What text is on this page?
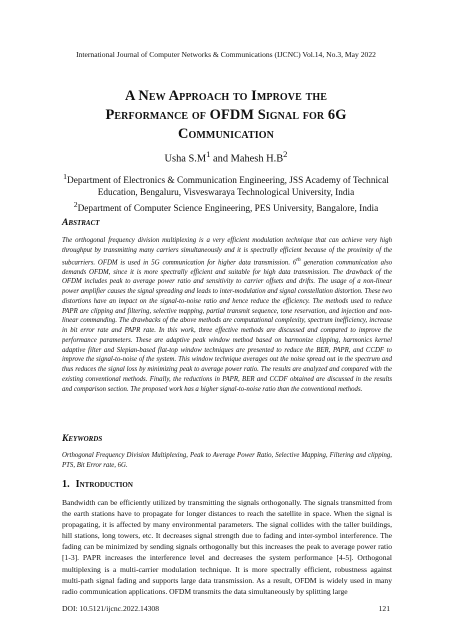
International Journal of Computer Networks & Communications (IJCNC) Vol.14, No.3, May 2022
A New Approach to Improve the
Performance of OFDM Signal for 6G
Communication
Usha $S.M^1$ and Mahesh $H.B^2$
$^1$Department of Electronics & Communication Engineering, JSS Academy of Technical Education, Bengaluru, Visveswaraya Technological University, India
$^2$Department of Computer Science Engineering, PES University, Bangalore, India
Abstract

The orthogonal frequency division multiplexing is a very efficient modulation technique that can achieve very high throughput by transmitting many carriers simultaneously and it is spectrally efficient because of the proximity of the subcarriers. OFDM is used in 5G communication for higher data transmission. 6th generation communication also demands OFDM, since it is more spectrally efficient and suitable for high data transmission. The drawback of the OFDM includes peak to average power ratio and sensitivity to carrier offsets and drifts. The usage of a non-linear power amplifier causes the signal spreading and leads to inter-modulation and signal constellation distortion. These two distortions have an impact on the signal-to-noise ratio and hence reduce the efficiency. The methods used to reduce PAPR are clipping and filtering, selective mapping, partial transmit sequence, tone reservation, and injection and non-linear commanding. The drawbacks of the above methods are computational complexity, spectrum inefficiency, increase in bit error rate and PAPR rate. In this work, three effective methods are discussed and compared to improve the performance parameters. These are adaptive peak window method based on harmonize clipping, harmonics kernel adaptive filter and Slepian-based flat-top window techniques are presented to reduce the BER, PAPR, and CCDF to improve the signal-to-noise of the system. This window technique averages out the noise spread out in the spectrum and thus reduces the signal loss by minimizing peak to average power ratio. The results are analyzed and compared with the existing conventional methods. Finally, the reductions in PAPR, BER and CCDF obtained are discussed in the results and comparison section. The proposed work has a higher signal-to-noise ratio than the conventional methods.

Keywords

Orthogonal Frequency Division Multiplexing, Peak to Average Power Ratio, Selective Mapping, Filtering and clipping, PTS, Bit Error rate, 6G.

1. Introduction

Bandwidth can be efficiently utilized by transmitting the signals orthogonally. The signals transmitted from the earth stations have to propagate for longer distances to reach the satellite in space. When the signal is propagating, it is affected by many environmental parameters. The signal collides with the taller buildings, hill stations, long towers, etc. It decreases signal strength due to fading and inter-symbol interference. The fading can be minimized by sending signals orthogonally but this increases the peak to average power ratio [1-3]. PAPR increases the interference level and decreases the system performance [4-5]. Orthogonal multiplexing is a multi-carrier modulation technique. It is more spectrally efficient, robustness against multi-path signal fading and supports large data transmission. As a result, OFDM is widely used in many radio communication applications. OFDM transmits the data simultaneously by splitting large

DOI: 10.5121/ijcnc.2022.14308	121
